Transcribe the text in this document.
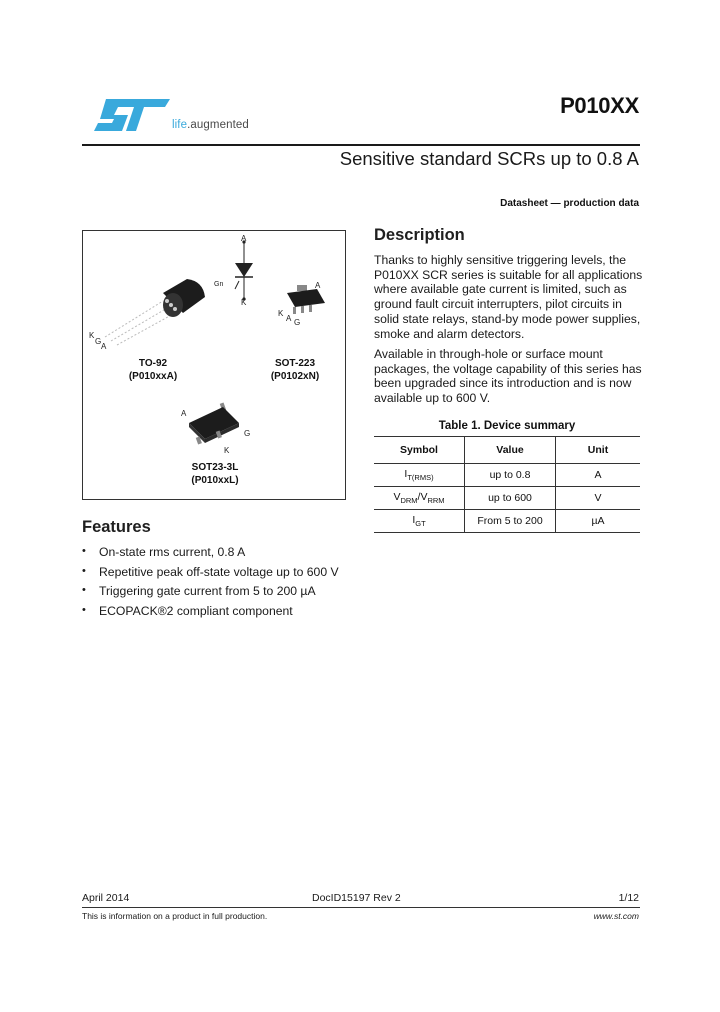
life.augmented
P010XX
Sensitive standard SCRs up to 0.8 A
Datasheet — production data
K
G
A
A
Gn
K
A
K
A G
TO-92
(P010xxA)
SOT-223
(P0102xN)
A
G
K
SOT23-3L
(P010xxL)
Description
Thanks to highly sensitive triggering levels, the
P010XX SCR series is suitable for all applications
where available gate current is limited, such as
ground fault circuit interrupters, pilot circuits in
solid state relays, stand-by mode power supplies,
smoke and alarm detectors.
Available in through-hole or surface mount
packages, the voltage capability of this series has
been upgraded since its introduction and is now
available up to 600 V.
Table 1. Device summary
Symbol	Value	Unit
$I_{T(RMS)}$	up to 0.8	A
$V_{DRM}/V_{RRM}$	up to 600	V
$I_{GT}$	From 5 to 200	µA
Features
• On-state rms current, 0.8 A
• Repetitive peak off-state voltage up to 600 V
• Triggering gate current from 5 to 200 µA
• ECOPACK®2 compliant component
April 2014	DocID15197 Rev 2	1/12
This is information on a product in full production.	www.st.com
